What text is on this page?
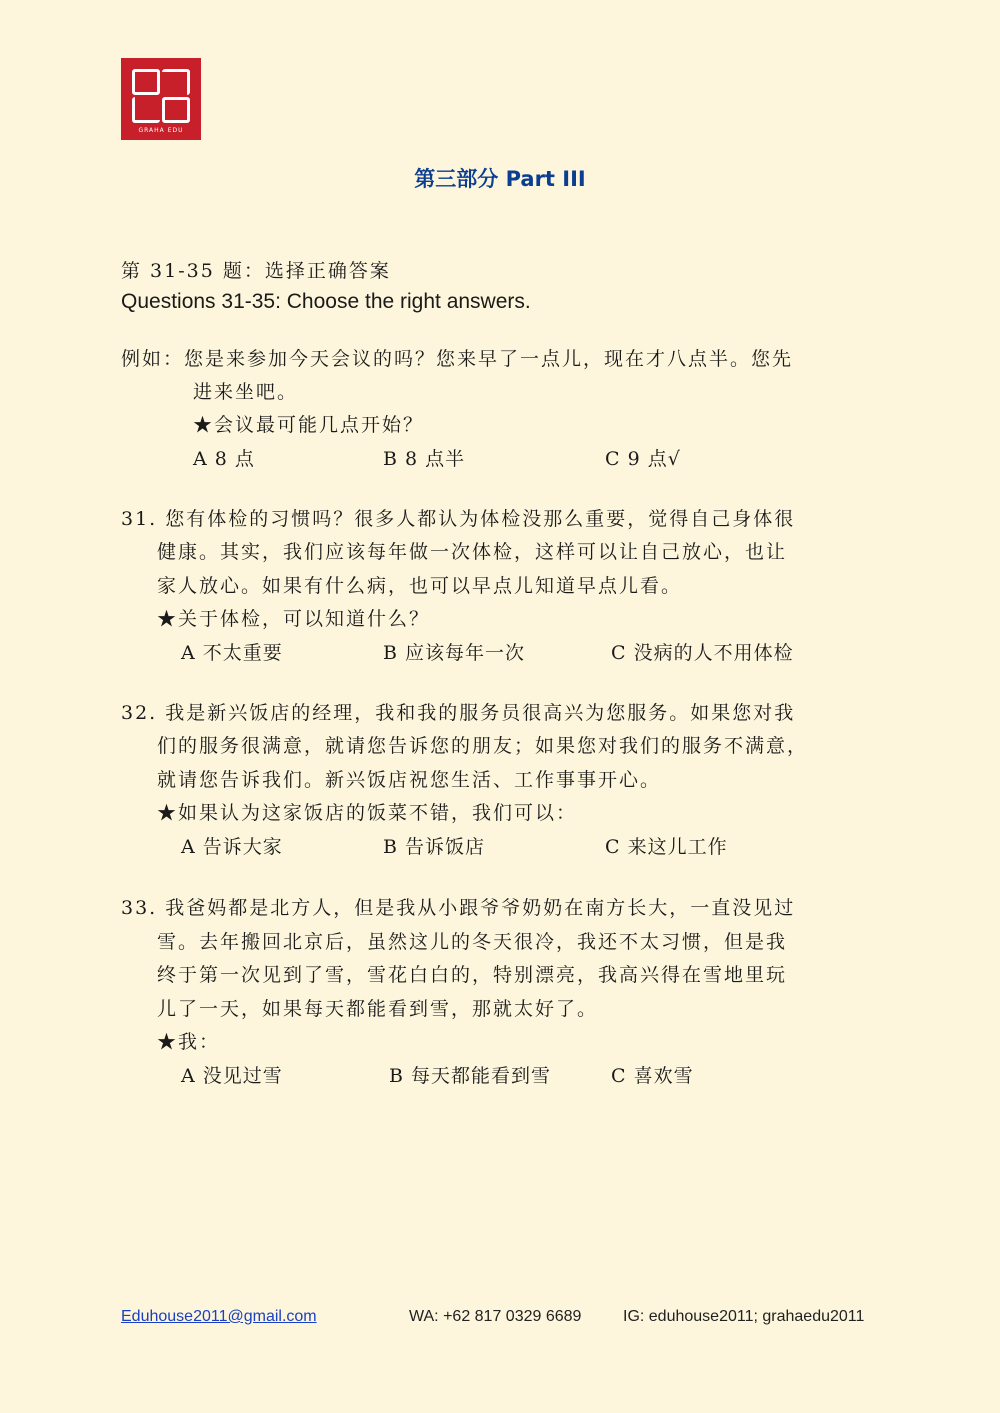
GRAHA EDU
第三部分 Part III
第 31-35 题：选择正确答案
Questions 31-35: Choose the right answers.
例如：您是来参加今天会议的吗？您来早了一点儿，现在才八点半。您先
进来坐吧。
★会议最可能几点开始？
A 8 点	B 8 点半	C 9 点√
31. 您有体检的习惯吗？很多人都认为体检没那么重要，觉得自己身体很
健康。其实，我们应该每年做一次体检，这样可以让自己放心，也让
家人放心。如果有什么病，也可以早点儿知道早点儿看。
★关于体检，可以知道什么？
A 不太重要	B 应该每年一次	C 没病的人不用体检
32. 我是新兴饭店的经理，我和我的服务员很高兴为您服务。如果您对我
们的服务很满意，就请您告诉您的朋友；如果您对我们的服务不满意，
就请您告诉我们。新兴饭店祝您生活、工作事事开心。
★如果认为这家饭店的饭菜不错，我们可以：
A 告诉大家	B 告诉饭店	C 来这儿工作
33. 我爸妈都是北方人，但是我从小跟爷爷奶奶在南方长大，一直没见过
雪。去年搬回北京后，虽然这儿的冬天很冷，我还不太习惯，但是我
终于第一次见到了雪，雪花白白的，特别漂亮，我高兴得在雪地里玩
儿了一天，如果每天都能看到雪，那就太好了。
★我：
A 没见过雪	B 每天都能看到雪	C 喜欢雪
Eduhouse2011@gmail.com	WA: +62 817 0329 6689	IG: eduhouse2011; grahaedu2011
